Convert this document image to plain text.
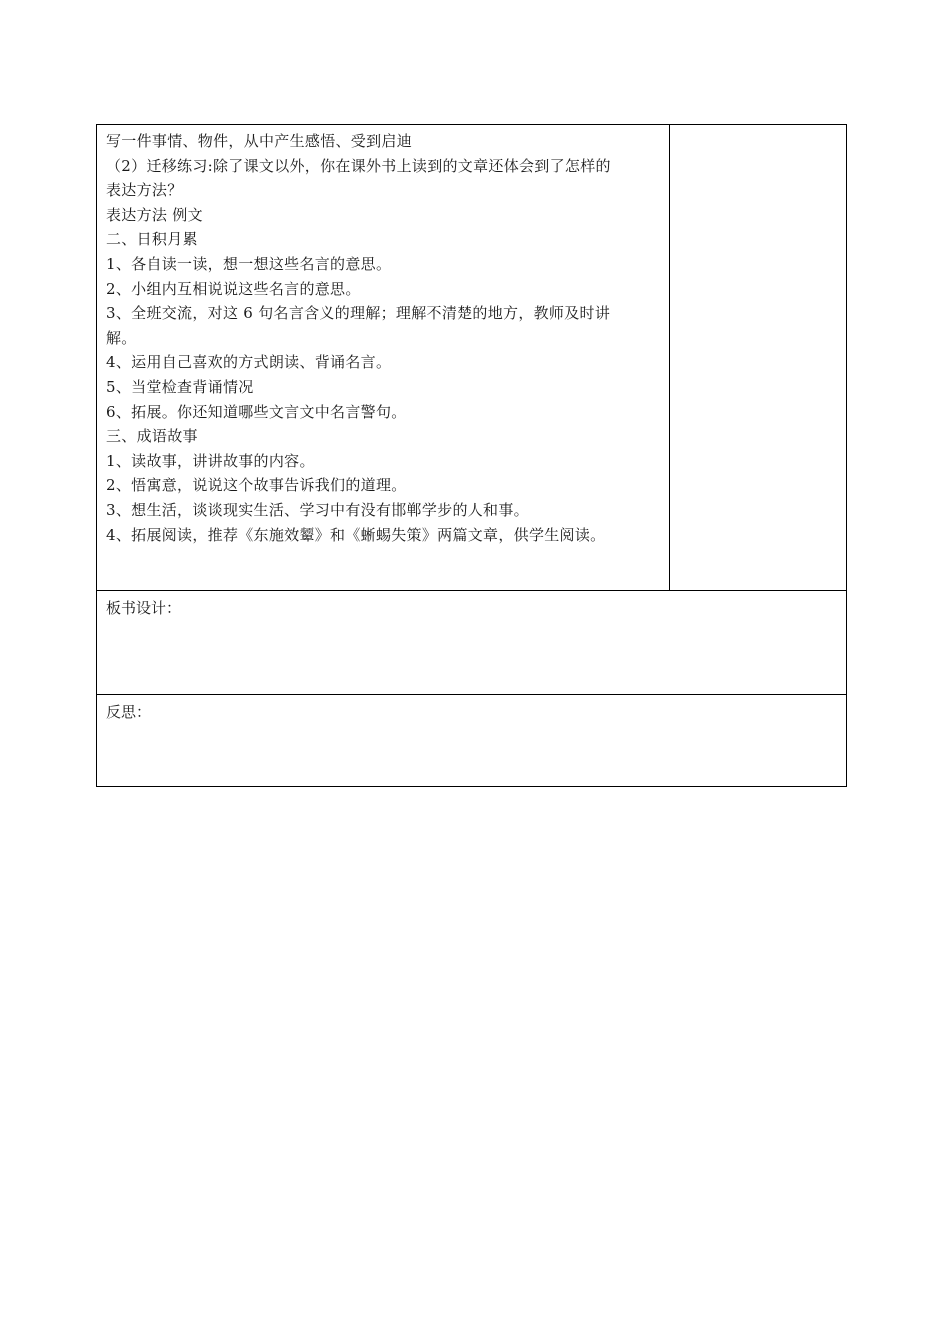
写一件事情、物件，从中产生感悟、受到启迪
（2）迁移练习:除了课文以外，你在课外书上读到的文章还体会到了怎样的
表达方法？
表达方法 例文
二、日积月累
1、各自读一读，想一想这些名言的意思。
2、小组内互相说说这些名言的意思。
3、全班交流，对这 6 句名言含义的理解；理解不清楚的地方，教师及时讲
解。
4、运用自己喜欢的方式朗读、背诵名言。
5、当堂检查背诵情况
6、拓展。你还知道哪些文言文中名言警句。
三、成语故事
1、读故事，讲讲故事的内容。
2、悟寓意，说说这个故事告诉我们的道理。
3、想生活，谈谈现实生活、学习中有没有邯郸学步的人和事。
4、拓展阅读，推荐《东施效颦》和《蜥蜴失策》两篇文章，供学生阅读。

板书设计：

反思：
